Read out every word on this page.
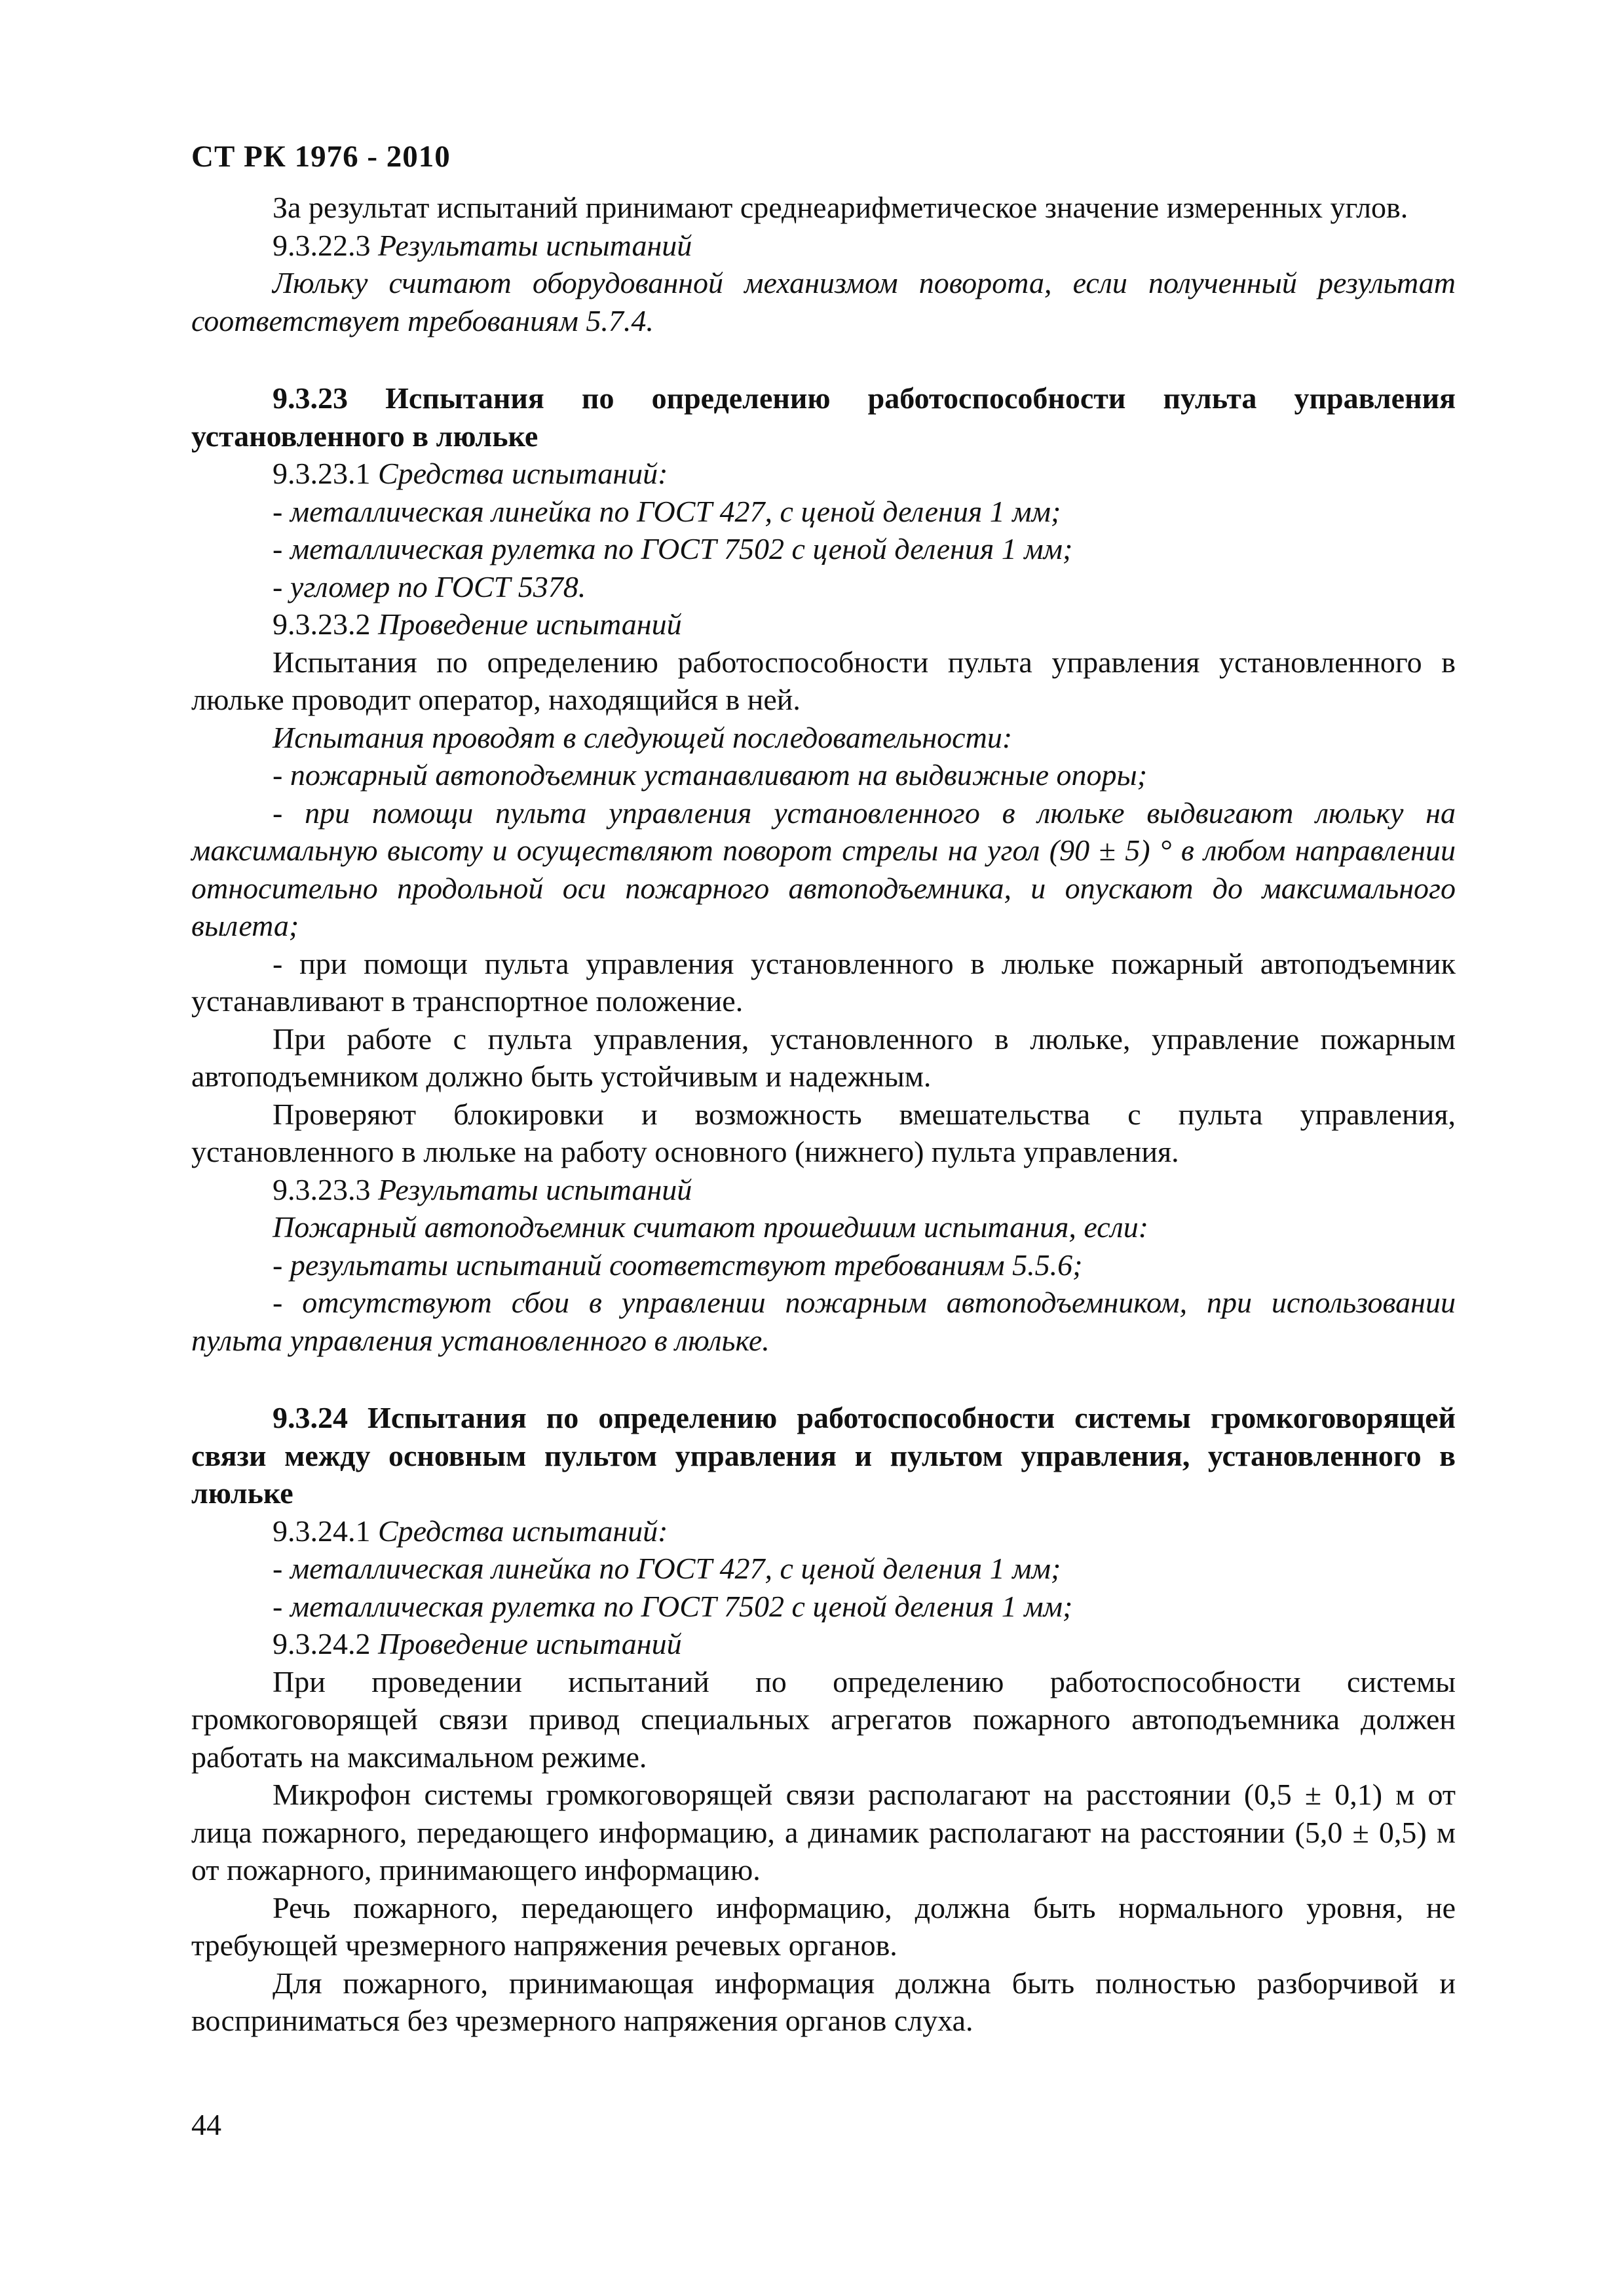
СТ РК 1976 - 2010

За результат испытаний принимают среднеарифметическое значение измеренных углов.

9.3.22.3 Результаты испытаний

Люльку считают оборудованной механизмом поворота, если полученный результат соответствует требованиям 5.7.4.

9.3.23 Испытания по определению работоспособности пульта управления установленного в люльке

9.3.23.1 Средства испытаний:

- металлическая линейка по ГОСТ 427, с ценой деления 1 мм;

- металлическая рулетка по ГОСТ 7502 с ценой деления 1 мм;

- угломер по ГОСТ 5378.

9.3.23.2 Проведение испытаний

Испытания по определению работоспособности пульта управления установленного в люльке проводит оператор, находящийся в ней.

Испытания проводят в следующей последовательности:

- пожарный автоподъемник устанавливают на выдвижные опоры;

- при помощи пульта управления установленного в люльке выдвигают люльку на максимальную высоту и осуществляют поворот стрелы на угол (90 ± 5) ° в любом направлении относительно продольной оси пожарного автоподъемника, и опускают до максимального вылета;

- при помощи пульта управления установленного в люльке пожарный автоподъемник устанавливают в транспортное положение.

При работе с пульта управления, установленного в люльке, управление пожарным автоподъемником должно быть устойчивым и надежным.

Проверяют блокировки и возможность вмешательства с пульта управления, установленного в люльке на работу основного (нижнего) пульта управления.

9.3.23.3 Результаты испытаний

Пожарный автоподъемник считают прошедшим испытания, если:

- результаты испытаний соответствуют требованиям 5.5.6;

- отсутствуют сбои в управлении пожарным автоподъемником, при использовании пульта управления установленного в люльке.

9.3.24 Испытания по определению работоспособности системы громкоговорящей связи между основным пультом управления и пультом управления, установленного в люльке

9.3.24.1 Средства испытаний:

- металлическая линейка по ГОСТ 427, с ценой деления 1 мм;

- металлическая рулетка по ГОСТ 7502 с ценой деления 1 мм;

9.3.24.2 Проведение испытаний

При проведении испытаний по определению работоспособности системы громкоговорящей связи привод специальных агрегатов пожарного автоподъемника должен работать на максимальном режиме.

Микрофон системы громкоговорящей связи располагают на расстоянии (0,5 ± 0,1) м от лица пожарного, передающего информацию, а динамик располагают на расстоянии (5,0 ± 0,5) м от пожарного, принимающего информацию.

Речь пожарного, передающего информацию, должна быть нормального уровня, не требующей чрезмерного напряжения речевых органов.

Для пожарного, принимающая информация должна быть полностью разборчивой и восприниматься без чрезмерного напряжения органов слуха.

44
